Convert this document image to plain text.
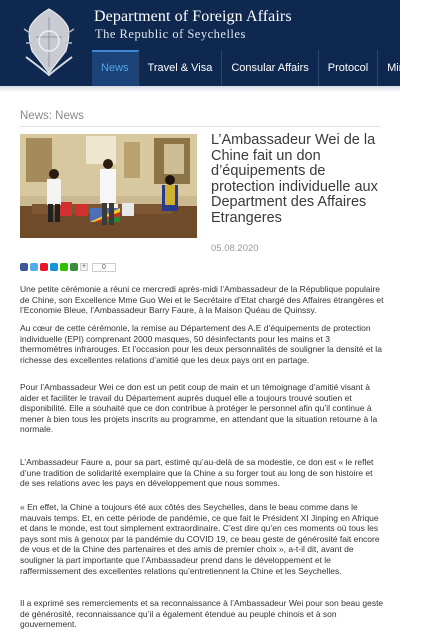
Department of Foreign Affairs
The Republic of Seychelles
News	Travel & Visa	Consular Affairs	Protocol	Ministry
News: News
L’Ambassadeur Wei de la Chine fait un don d’équipements de protection individuelle aux Department des Affaires Etrangeres
05.08.2020
+	0
Une petite cérémonie a réuni ce mercredi après-midi l’Ambassadeur de la République populaire de Chine, son Excellence Mme Guo Wei et le Secrétaire d’Etat chargé des Affaires étrangères et l’Economie Bleue, l’Ambassadeur Barry Faure, à la Maison Quéau de Quinssy.
Au cœur de cette cérémonie, la remise au Département des A.E d’équipements de protection individuelle (EPI) comprenant 2000 masques, 50 désinfectants pour les mains et 3 thermomètres infrarouges. Et l’occasion pour les deux personnalités de souligner la densité et la richesse des excellentes relations d’amitié que les deux pays ont en partage.
Pour l’Ambassadeur Wei ce don est un petit coup de main et un témoignage d’amitié visant à aider et faciliter le travail du Département auprès duquel elle a toujours trouvé soutien et disponibilité. Elle a souhaité que ce don contribue à protéger le personnel afin qu’il continue à mener à bien tous les projets inscrits au programme, en attendant que la situation retourne à la normale.
L’Ambassadeur Faure a, pour sa part, estimé qu’au-delà de sa modestie, ce don est « le reflet d’une tradition de solidarité exemplaire que la Chine a su forger tout au long de son histoire et de ses relations avec les pays en développement que nous sommes.
« En effet, la Chine a toujours été aux côtés des Seychelles, dans le beau comme dans le mauvais temps. Et, en cette période de pandémie, ce que fait le Président XI Jinping en Afrique et dans le monde, est tout simplement extraordinaire. C’est dire qu’en ces moments où tous les pays sont mis à genoux par la pandémie du COVID 19, ce beau geste de générosité fait encore de vous et de la Chine des partenaires et des amis de premier choix », a-t-il dit, avant de souligner la part importante que l’Ambassadeur prend dans le développement et le raffermissement des excellentes relations qu’entretiennent la Chine et les Seychelles.
Il a exprimé ses remerciements et sa reconnaissance à l’Ambassadeur Wei pour son beau geste de générosité, reconnaissance qu’il a également étendue au peuple chinois et à son gouvernement.
